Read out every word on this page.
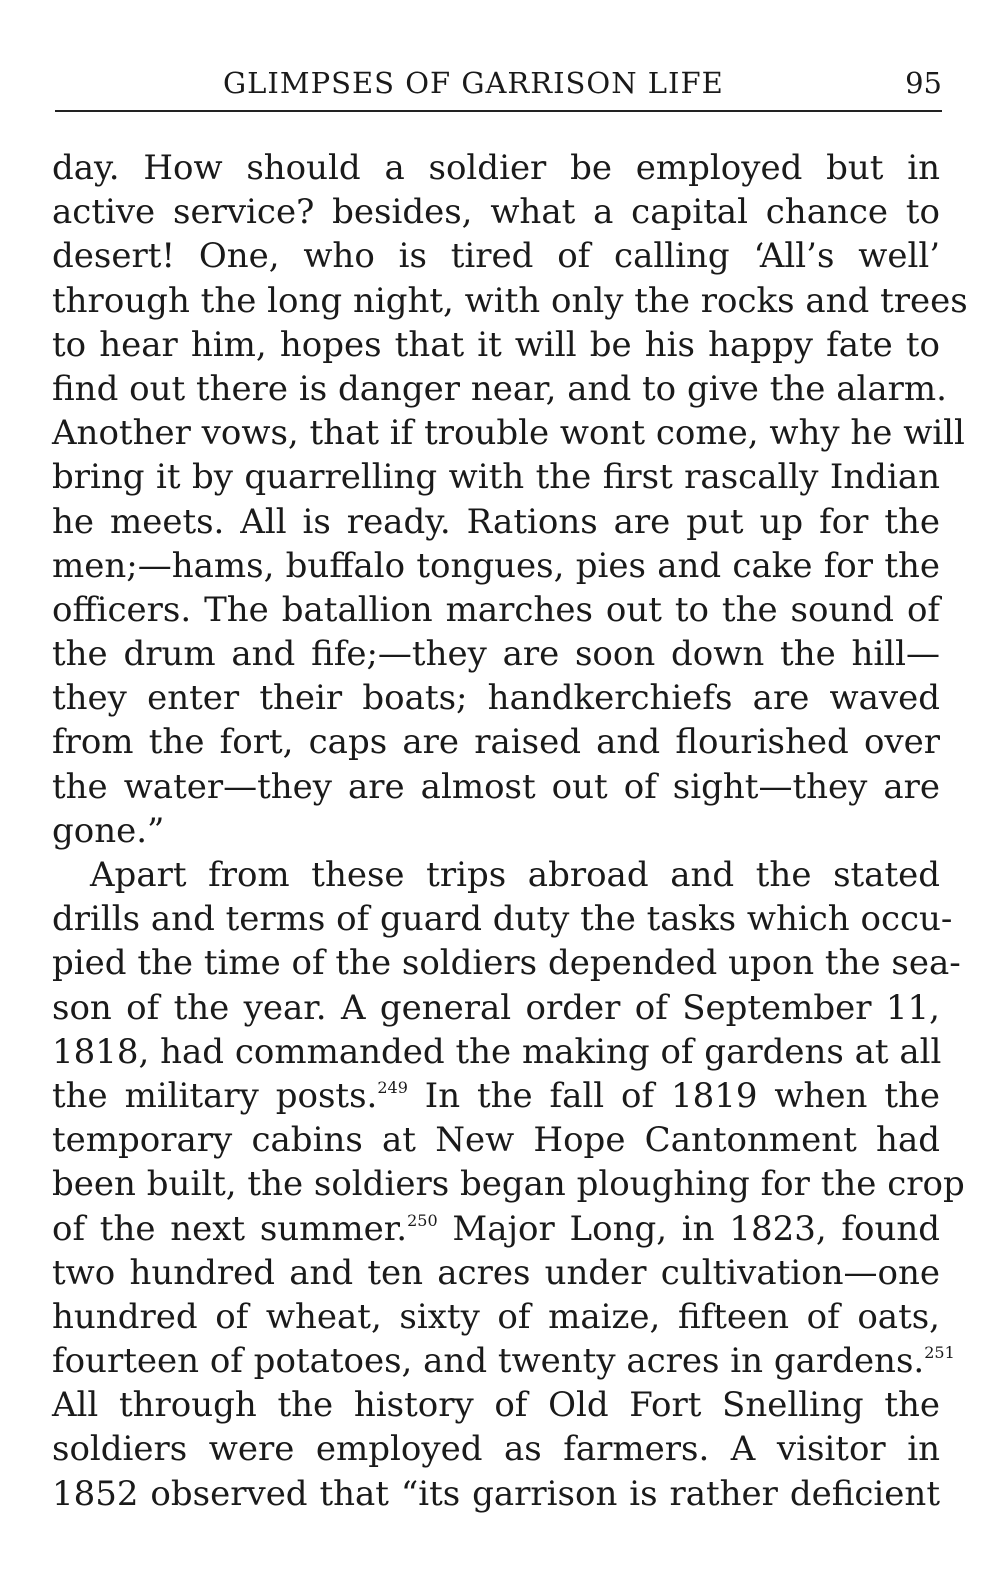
GLIMPSES OF GARRISON LIFE	95
day. How should a soldier be employed but in
active service? besides, what a capital chance to
desert! One, who is tired of calling ‘All’s well’
through the long night, with only the rocks and trees
to hear him, hopes that it will be his happy fate to
find out there is danger near, and to give the alarm.
Another vows, that if trouble wont come, why he will
bring it by quarrelling with the first rascally Indian
he meets. All is ready. Rations are put up for the
men;—hams, buffalo tongues, pies and cake for the
officers. The batallion marches out to the sound of
the drum and fife;—they are soon down the hill—
they enter their boats; handkerchiefs are waved
from the fort, caps are raised and flourished over
the water—they are almost out of sight—they are
gone.”
Apart from these trips abroad and the stated
drills and terms of guard duty the tasks which occu-
pied the time of the soldiers depended upon the sea-
son of the year. A general order of September 11,
1818, had commanded the making of gardens at all
the military posts.$^{249}$ In the fall of 1819 when the
temporary cabins at New Hope Cantonment had
been built, the soldiers began ploughing for the crop
of the next summer.$^{250}$ Major Long, in 1823, found
two hundred and ten acres under cultivation—one
hundred of wheat, sixty of maize, fifteen of oats,
fourteen of potatoes, and twenty acres in gardens.$^{251}$
All through the history of Old Fort Snelling the
soldiers were employed as farmers. A visitor in
1852 observed that “its garrison is rather deficient
